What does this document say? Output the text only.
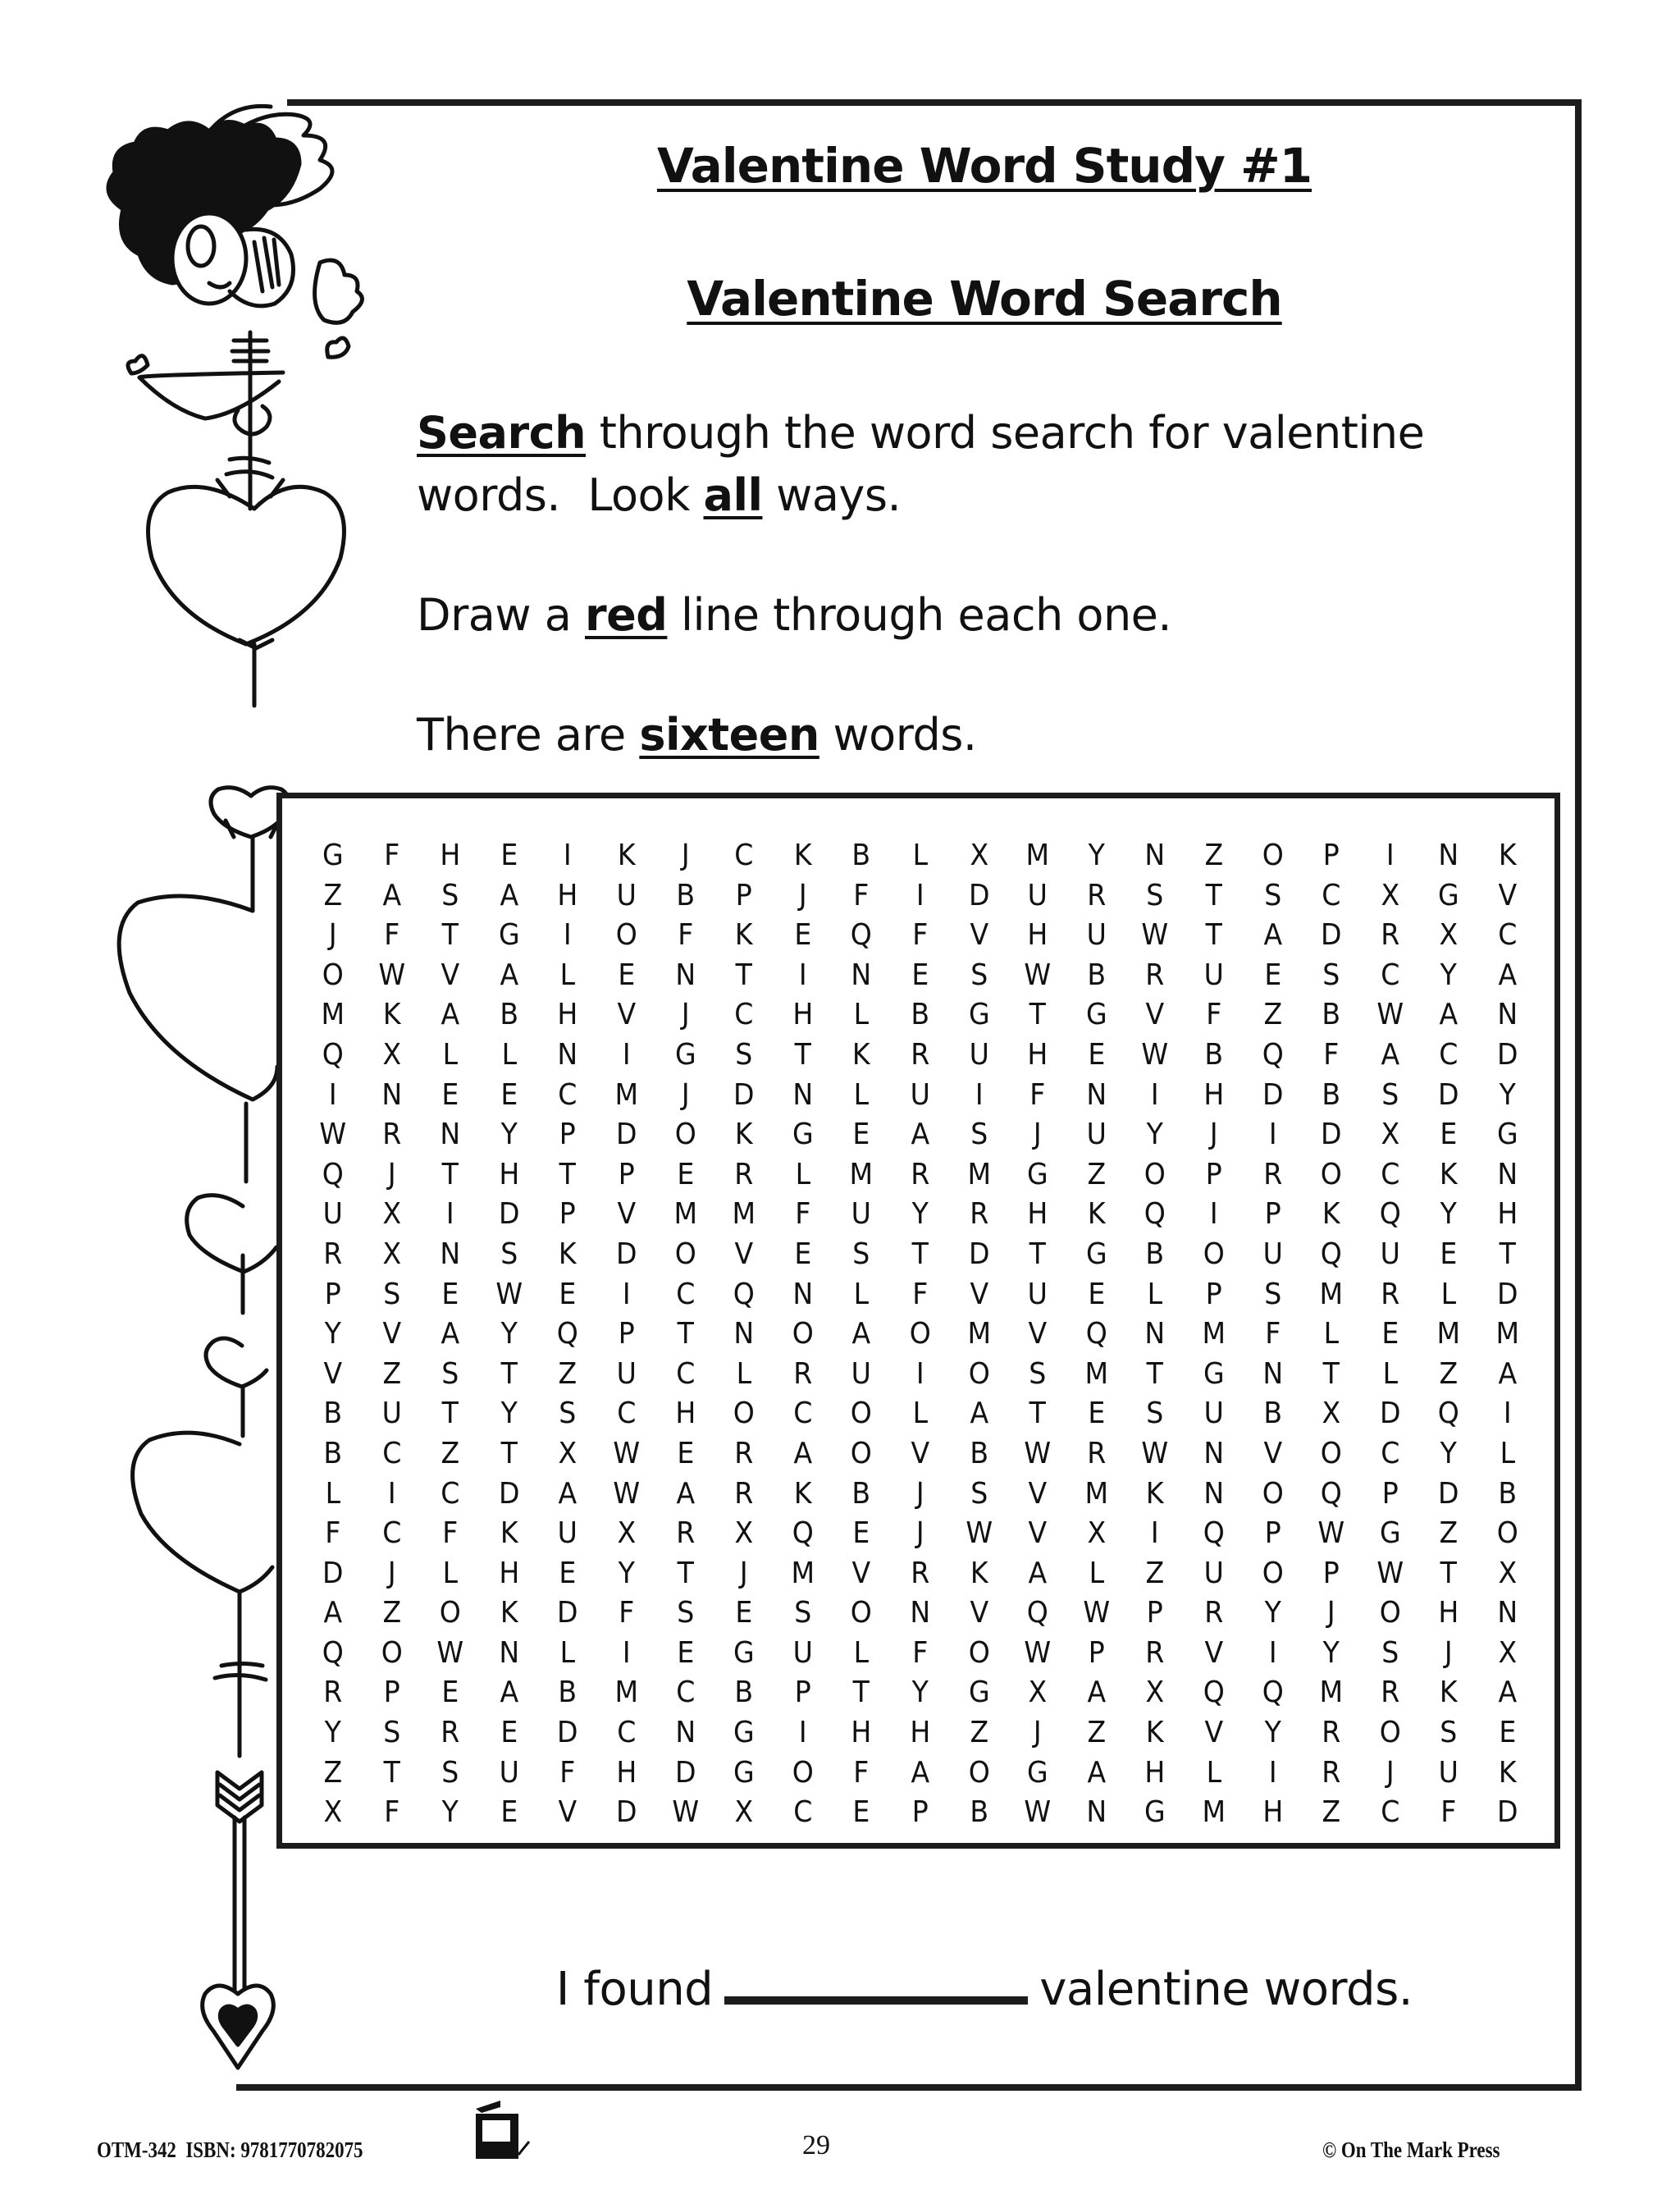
Valentine Word Study #1
Valentine Word Search
Search through the word search for valentine
words.  Look all ways.
Draw a red line through each one.
There are sixteen words.
G	F	H	E	I	K	J	C	K	B	L	X	M	Y	N	Z	O	P	I	N	K
Z	A	S	A	H	U	B	P	J	F	I	D	U	R	S	T	S	C	X	G	V
J	F	T	G	I	O	F	K	E	Q	F	V	H	U	W	T	A	D	R	X	C
O	W	V	A	L	E	N	T	I	N	E	S	W	B	R	U	E	S	C	Y	A
M	K	A	B	H	V	J	C	H	L	B	G	T	G	V	F	Z	B	W	A	N
Q	X	L	L	N	I	G	S	T	K	R	U	H	E	W	B	Q	F	A	C	D
I	N	E	E	C	M	J	D	N	L	U	I	F	N	I	H	D	B	S	D	Y
W	R	N	Y	P	D	O	K	G	E	A	S	J	U	Y	J	I	D	X	E	G
Q	J	T	H	T	P	E	R	L	M	R	M	G	Z	O	P	R	O	C	K	N
U	X	I	D	P	V	M	M	F	U	Y	R	H	K	Q	I	P	K	Q	Y	H
R	X	N	S	K	D	O	V	E	S	T	D	T	G	B	O	U	Q	U	E	T
P	S	E	W	E	I	C	Q	N	L	F	V	U	E	L	P	S	M	R	L	D
Y	V	A	Y	Q	P	T	N	O	A	O	M	V	Q	N	M	F	L	E	M	M
V	Z	S	T	Z	U	C	L	R	U	I	O	S	M	T	G	N	T	L	Z	A
B	U	T	Y	S	C	H	O	C	O	L	A	T	E	S	U	B	X	D	Q	I
B	C	Z	T	X	W	E	R	A	O	V	B	W	R	W	N	V	O	C	Y	L
L	I	C	D	A	W	A	R	K	B	J	S	V	M	K	N	O	Q	P	D	B
F	C	F	K	U	X	R	X	Q	E	J	W	V	X	I	Q	P	W	G	Z	O
D	J	L	H	E	Y	T	J	M	V	R	K	A	L	Z	U	O	P	W	T	X
A	Z	O	K	D	F	S	E	S	O	N	V	Q	W	P	R	Y	J	O	H	N
Q	O	W	N	L	I	E	G	U	L	F	O	W	P	R	V	I	Y	S	J	X
R	P	E	A	B	M	C	B	P	T	Y	G	X	A	X	Q	Q	M	R	K	A
Y	S	R	E	D	C	N	G	I	H	H	Z	J	Z	K	V	Y	R	O	S	E
Z	T	S	U	F	H	D	G	O	F	A	O	G	A	H	L	I	R	J	U	K
X	F	Y	E	V	D	W	X	C	E	P	B	W	N	G	M	H	Z	C	F	D
I found	valentine words.
OTM-342  ISBN: 9781770782075	29	© On The Mark Press
